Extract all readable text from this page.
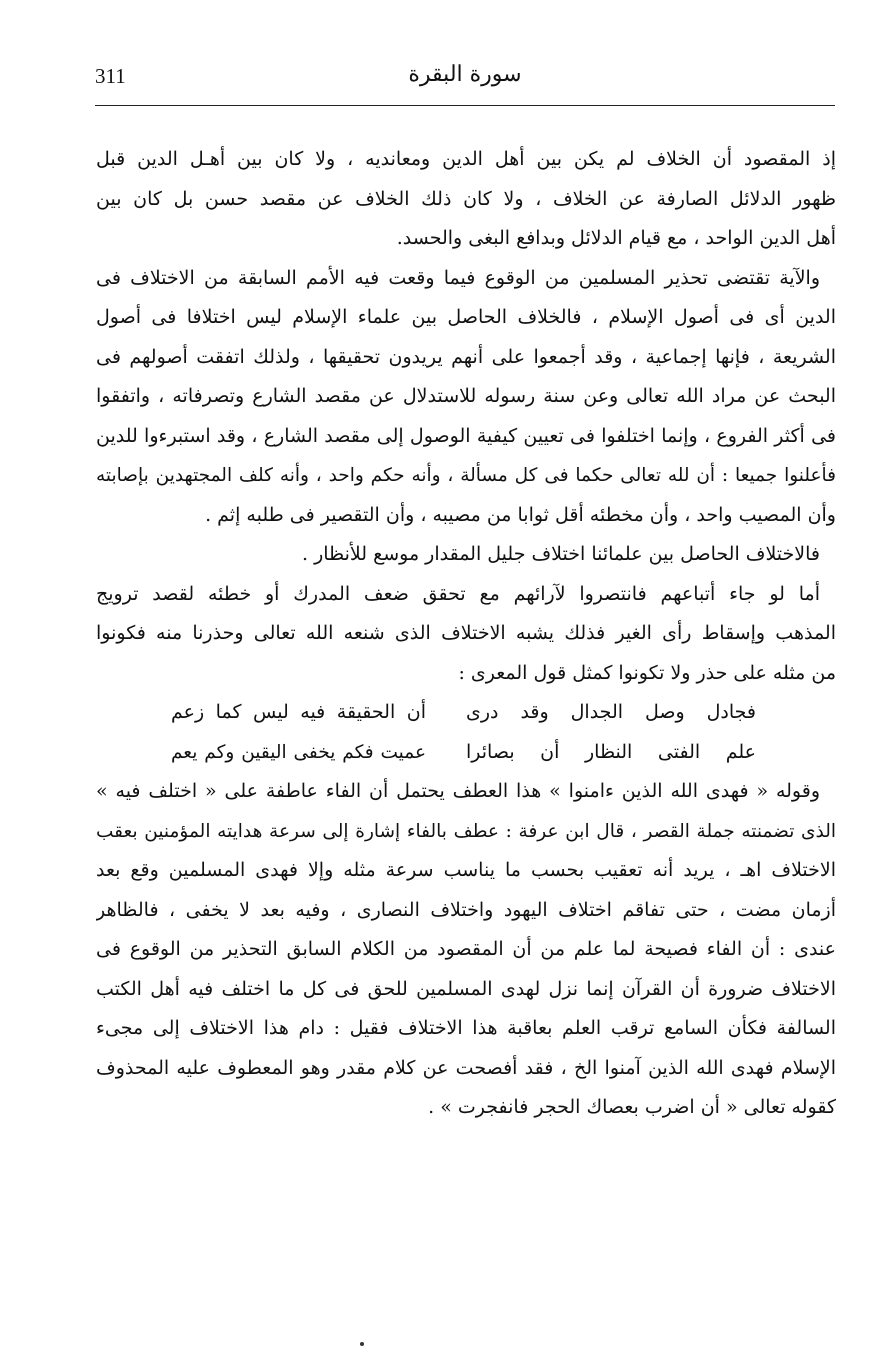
311	سورة البقرة
إذ المقصود أن الخلاف لم يكن بين أهل الدين ومعانديه ، ولا كان بين أهـل الدين قبل
ظهور الدلائل الصارفة عن الخلاف ، ولا كان ذلك الخلاف عن مقصد حسن بل كان بين
أهل الدين الواحد ، مع قيام الدلائل وبدافع البغى والحسد.
والآية تقتضى تحذير المسلمين من الوقوع فيما وقعت فيه الأمم السابقة من الاختلاف فى
الدين أى فى أصول الإسلام ، فالخلاف الحاصل بين علماء الإسلام ليس اختلافا فى أصول
الشريعة ، فإنها إجماعية ، وقد أجمعوا على أنهم يريدون تحقيقها ، ولذلك اتفقت أصولهم فى
البحث عن مراد الله تعالى وعن سنة رسوله للاستدلال عن مقصد الشارع وتصرفاته ، واتفقوا
فى أكثر الفروع ، وإنما اختلفوا فى تعيين كيفية الوصول إلى مقصد الشارع ، وقد استبرءوا للدين
فأعلنوا جميعا : أن لله تعالى حكما فى كل مسألة ، وأنه حكم واحد ، وأنه كلف المجتهدين بإصابته
وأن المصيب واحد ، وأن مخطئه أقل ثوابا من مصيبه ، وأن التقصير فى طلبه إثم .
فالاختلاف الحاصل بين علمائنا اختلاف جليل المقدار موسع للأنظار .
أما لو جاء أتباعهم فانتصروا لآرائهم مع تحقق ضعف المدرك أو خطئه لقصد ترويج
المذهب وإسقاط رأى الغير فذلك يشبه الاختلاف الذى شنعه الله تعالى وحذرنا منه فكونوا
من مثله على حذر ولا تكونوا كمثل قول المعرى :
فجادل وصل الجدال وقد درى
أن الحقيقة فيه ليس كما زعم
علم الفتى النظار أن بصائرا
عميت فكم يخفى اليقين وكم يعم
وقوله « فهدى الله الذين ءامنوا » هذا العطف يحتمل أن الفاء عاطفة على « اختلف فيه »
الذى تضمنته جملة القصر ، قال ابن عرفة : عطف بالفاء إشارة إلى سرعة هدايته المؤمنين بعقب
الاختلاف اهـ ، يريد أنه تعقيب بحسب ما يناسب سرعة مثله وإلا فهدى المسلمين وقع بعد
أزمان مضت ، حتى تفاقم اختلاف اليهود واختلاف النصارى ، وفيه بعد لا يخفى ، فالظاهر
عندى : أن الفاء فصيحة لما علم من أن المقصود من الكلام السابق التحذير من الوقوع فى
الاختلاف ضرورة أن القرآن إنما نزل لهدى المسلمين للحق فى كل ما اختلف فيه أهل الكتب
السالفة فكأن السامع ترقب العلم بعاقبة هذا الاختلاف فقيل : دام هذا الاختلاف إلى مجىء
الإسلام فهدى الله الذين آمنوا الخ ، فقد أفصحت عن كلام مقدر وهو المعطوف عليه المحذوف
كقوله تعالى « أن اضرب بعصاك الحجر فانفجرت » .
